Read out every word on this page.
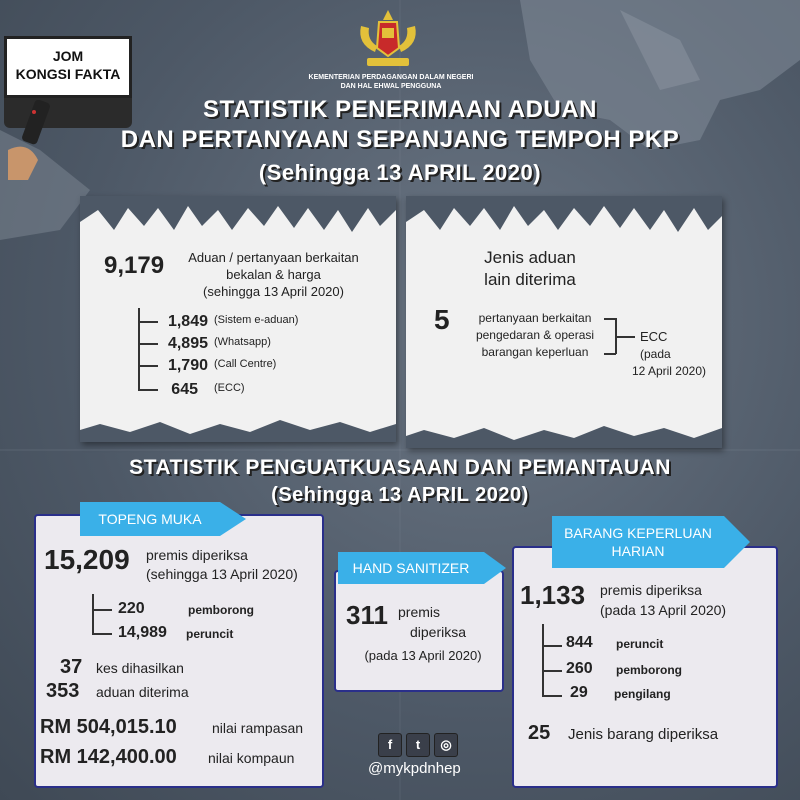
JOM
KONGSI FAKTA	KEMENTERIAN PERDAGANGAN DALAM NEGERI
DAN HAL EHWAL PENGGUNA
STATISTIK PENERIMAAN ADUAN
DAN PERTANYAAN SEPANJANG TEMPOH PKP
(Sehingga 13 APRIL 2020)
9,179 Aduan / pertanyaan berkaitan
bekalan & harga
(sehingga 13 April 2020)
1,849 (Sistem e-aduan)
4,895 (Whatsapp)
1,790 (Call Centre)
645 (ECC)
Jenis aduan
lain diterima
5	pertanyaan berkaitan
pengedaran & operasi
barangan keperluan
ECC
(pada
12 April 2020)
STATISTIK PENGUATKUASAAN DAN PEMANTAUAN
(Sehingga 13 APRIL 2020)
TOPENG MUKA
15,209 premis diperiksa
(sehingga 13 April 2020)
220	pemborong
14,989 peruncit
37 kes dihasilkan
353 aduan diterima
RM 504,015.10	nilai rampasan
RM 142,400.00 nilai kompaun
HAND SANITIZER
311 premis
diperiksa
(pada 13 April 2020)
BARANG KEPERLUAN
HARIAN
1,133 premis diperiksa
(pada 13 April 2020)
844 peruncit
260 pemborong
29 pengilang
25 Jenis barang diperiksa
f	t	◎
@mykpdnhep
